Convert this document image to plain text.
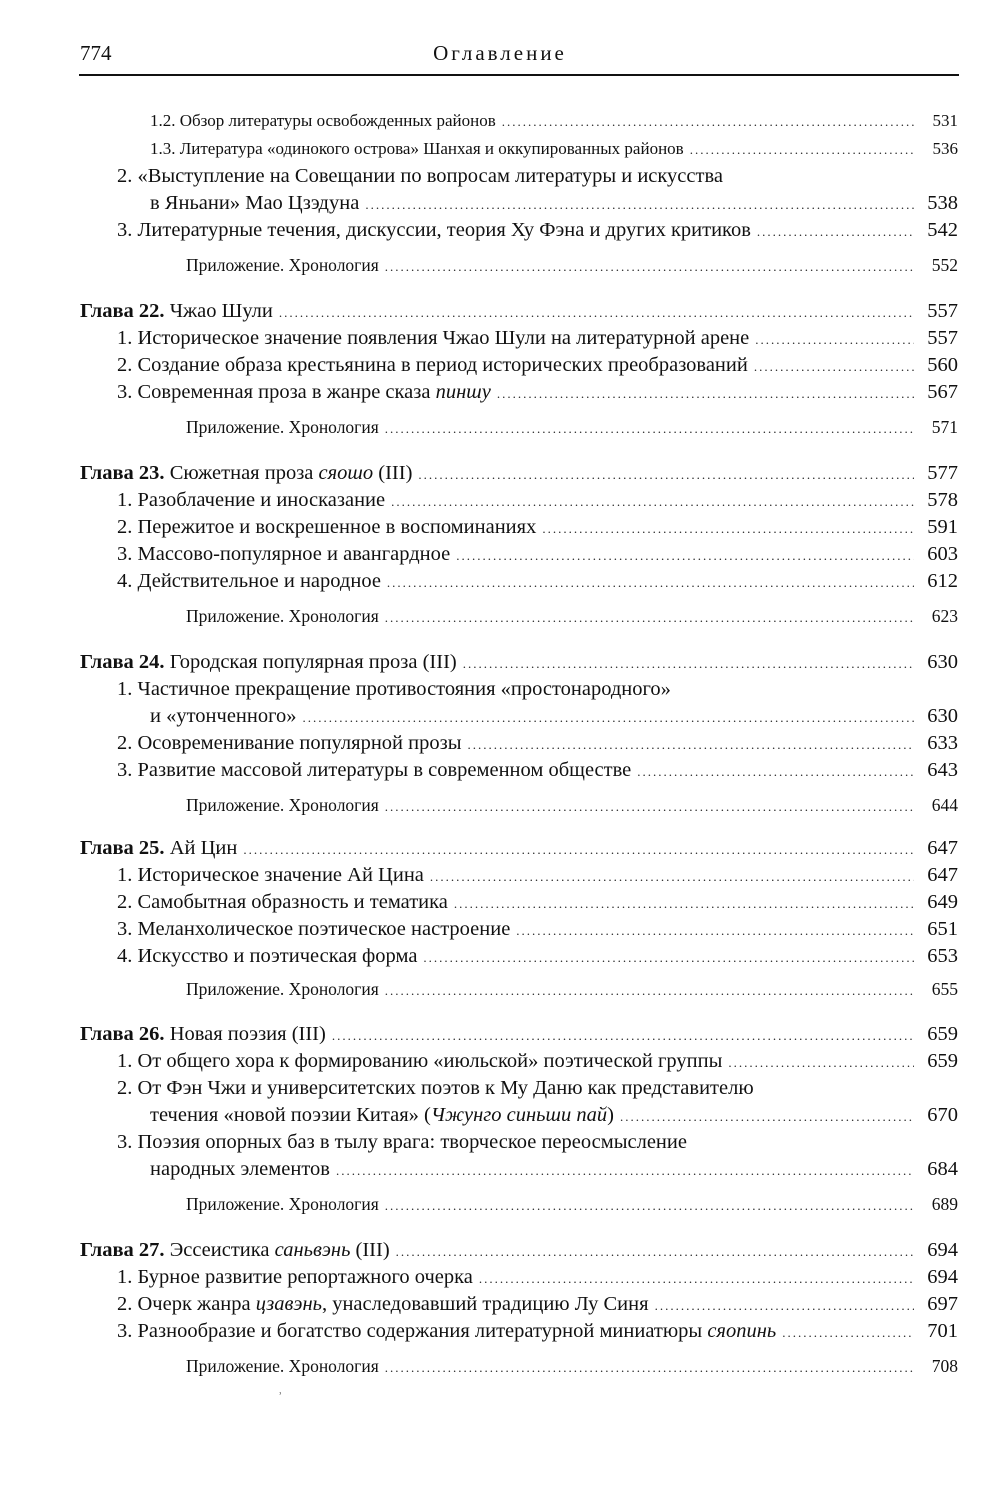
774	Оглавление
1.2. Обзор литературы освобожденных районов .....	531
1.3. Литература «одинокого острова» Шанхая и оккупированных районов .....	536
2. «Выступление на Совещании по вопросам литературы и искусства
в Яньани» Мао Цзэдуна .....	538
3. Литературные течения, дискуссии, теория Ху Фэна и других критиков .....	542
Приложение. Хронология .....	552
Глава 22. Чжао Шули .....	557
1. Историческое значение появления Чжао Шули на литературной арене .....	557
2. Создание образа крестьянина в период исторических преобразований .....	560
3. Современная проза в жанре сказа пиншу .....	567
Приложение. Хронология .....	571
Глава 23. Сюжетная проза сяошо (III) .....	577
1. Разоблачение и иносказание .....	578
2. Пережитое и воскрешенное в воспоминаниях .....	591
3. Массово-популярное и авангардное .....	603
4. Действительное и народное .....	612
Приложение. Хронология .....	623
Глава 24. Городская популярная проза (III) .....	630
1. Частичное прекращение противостояния «простонародного»
и «утонченного» .....	630
2. Осовременивание популярной прозы .....	633
3. Развитие массовой литературы в современном обществе .....	643
Приложение. Хронология .....	644
Глава 25. Ай Цин .....	647
1. Историческое значение Ай Цина .....	647
2. Самобытная образность и тематика .....	649
3. Меланхолическое поэтическое настроение .....	651
4. Искусство и поэтическая форма .....	653
Приложение. Хронология .....	655
Глава 26. Новая поэзия (III) .....	659
1. От общего хора к формированию «июльской» поэтической группы .....	659
2. От Фэн Чжи и университетских поэтов к Му Даню как представителю
течения «новой поэзии Китая» (Чжунго синьши пай) .....	670
3. Поэзия опорных баз в тылу врага: творческое переосмысление
народных элементов .....	684
Приложение. Хронология .....	689
Глава 27. Эссеистика саньвэнь (III) .....	694
1. Бурное развитие репортажного очерка .....	694
2. Очерк жанра цзавэнь, унаследовавший традицию Лу Синя .....	697
3. Разнообразие и богатство содержания литературной миниатюры сяопинь .....	701
Приложение. Хронология .....	708
˒
